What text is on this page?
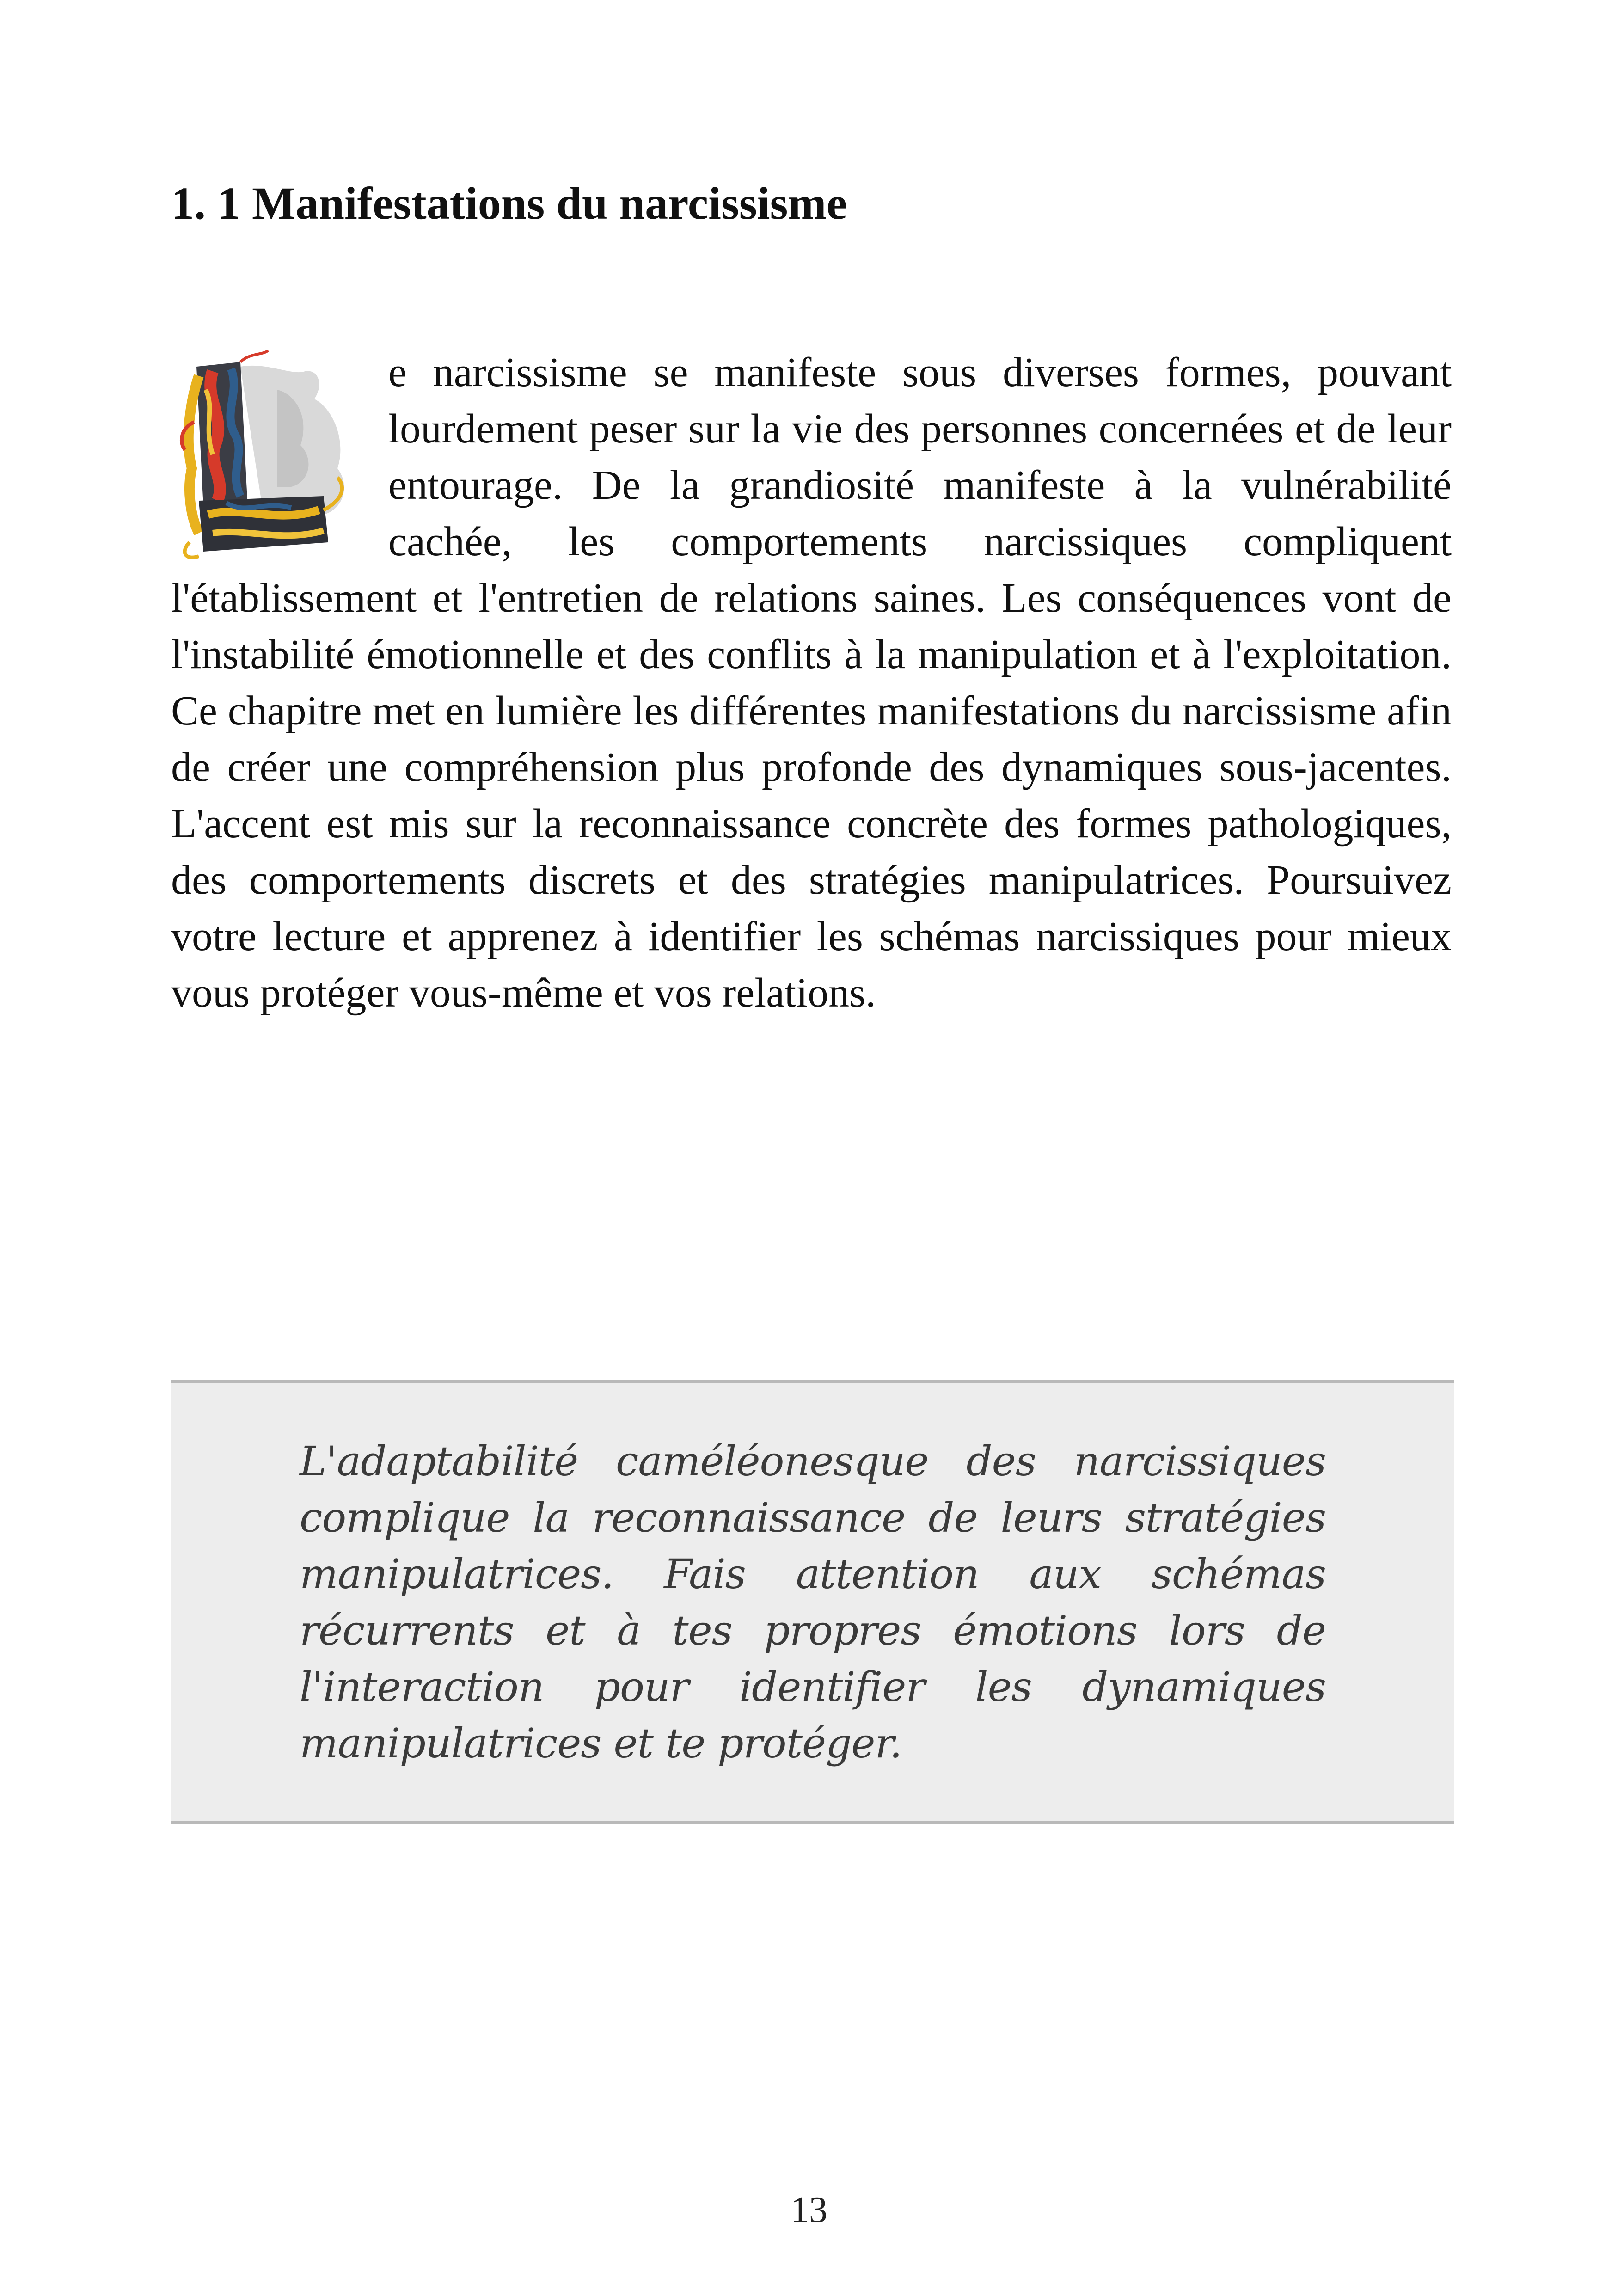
1. 1 Manifestations du narcissisme

e narcissisme se manifeste sous diverses formes, pouvant lourdement peser sur la vie des personnes concernées et de leur entourage. De la grandiosité manifeste à la vulnérabilité cachée, les comportements narcissiques compliquent l'établissement et l'entretien de relations saines. Les conséquences vont de l'instabilité émotionnelle et des conflits à la manipulation et à l'exploitation. Ce chapitre met en lumière les différentes manifestations du narcissisme afin de créer une compréhension plus profonde des dynamiques sous-jacentes. L'accent est mis sur la reconnaissance concrète des formes pathologiques, des comportements discrets et des stratégies manipulatrices. Poursuivez votre lecture et apprenez à identifier les schémas narcissiques pour mieux vous protéger vous-même et vos relations.

L'adaptabilité caméléonesque des narcissiques complique la reconnaissance de leurs stratégies manipulatrices. Fais attention aux schémas récurrents et à tes propres émotions lors de l'interaction pour identifier les dynamiques manipulatrices et te protéger.

13
